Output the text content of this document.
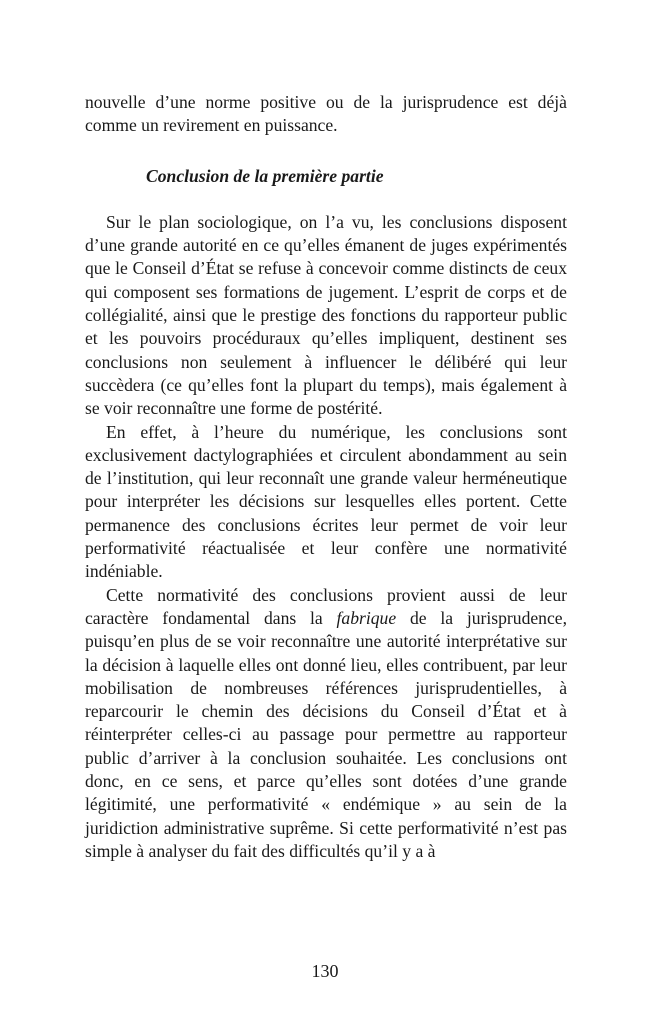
nouvelle d’une norme positive ou de la jurisprudence est déjà comme un revirement en puissance.

Conclusion de la première partie

Sur le plan sociologique, on l’a vu, les conclusions disposent d’une grande autorité en ce qu’elles émanent de juges expérimentés que le Conseil d’État se refuse à concevoir comme distincts de ceux qui composent ses formations de jugement. L’esprit de corps et de collégialité, ainsi que le prestige des fonctions du rapporteur public et les pouvoirs procéduraux qu’elles impliquent, destinent ses conclusions non seulement à influencer le délibéré qui leur succèdera (ce qu’elles font la plupart du temps), mais également à se voir reconnaître une forme de postérité.

En effet, à l’heure du numérique, les conclusions sont exclusivement dactylographiées et circulent abondamment au sein de l’institution, qui leur reconnaît une grande valeur herméneutique pour interpréter les décisions sur lesquelles elles portent. Cette permanence des conclusions écrites leur permet de voir leur performativité réactualisée et leur confère une normativité indéniable.

Cette normativité des conclusions provient aussi de leur caractère fondamental dans la fabrique de la jurisprudence, puisqu’en plus de se voir reconnaître une autorité interprétative sur la décision à laquelle elles ont donné lieu, elles contribuent, par leur mobilisation de nombreuses références jurisprudentielles, à reparcourir le chemin des décisions du Conseil d’État et à réinterpréter celles-ci au passage pour permettre au rapporteur public d’arriver à la conclusion souhaitée. Les conclusions ont donc, en ce sens, et parce qu’elles sont dotées d’une grande légitimité, une performativité « endémique » au sein de la juridiction administrative suprême. Si cette performativité n’est pas simple à analyser du fait des difficultés qu’il y a à

130
